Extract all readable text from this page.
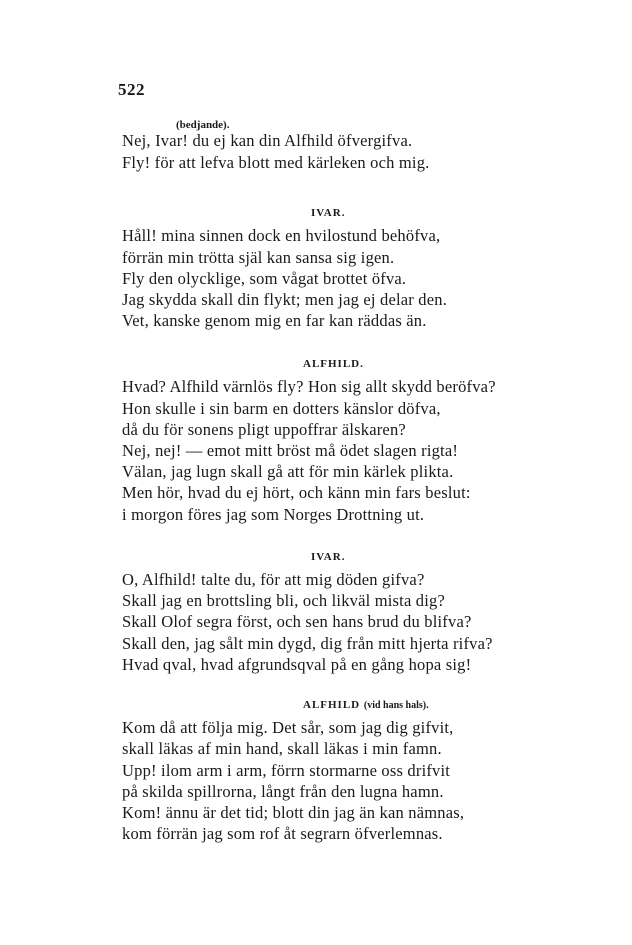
522
(bedjande).
Nej, Ivar! du ej kan din Alfhild öfvergifva.
Fly! för att lefva blott med kärleken och mig.
IVAR.
Håll! mina sinnen dock en hvilostund behöfva,
förrän min trötta själ kan sansa sig igen.
Fly den olycklige, som vågat brottet öfva.
Jag skydda skall din flykt; men jag ej delar den.
Vet, kanske genom mig en far kan räddas än.
ALFHILD.
Hvad? Alfhild värnlös fly? Hon sig allt skydd beröfva?
Hon skulle i sin barm en dotters känslor döfva,
då du för sonens pligt uppoffrar älskaren?
Nej, nej! — emot mitt bröst må ödet slagen rigta!
Välan, jag lugn skall gå att för min kärlek plikta.
Men hör, hvad du ej hört, och känn min fars beslut:
i morgon föres jag som Norges Drottning ut.
IVAR.
O, Alfhild! talte du, för att mig döden gifva?
Skall jag en brottsling bli, och likväl mista dig?
Skall Olof segra först, och sen hans brud du blifva?
Skall den, jag sålt min dygd, dig från mitt hjerta rifva?
Hvad qval, hvad afgrundsqval på en gång hopa sig!
ALFHILD (vid hans hals).
Kom då att följa mig. Det sår, som jag dig gifvit,
skall läkas af min hand, skall läkas i min famn.
Upp! ilom arm i arm, förrn stormarne oss drifvit
på skilda spillrorna, långt från den lugna hamn.
Kom! ännu är det tid; blott din jag än kan nämnas,
kom förrän jag som rof åt segrarn öfverlemnas.
